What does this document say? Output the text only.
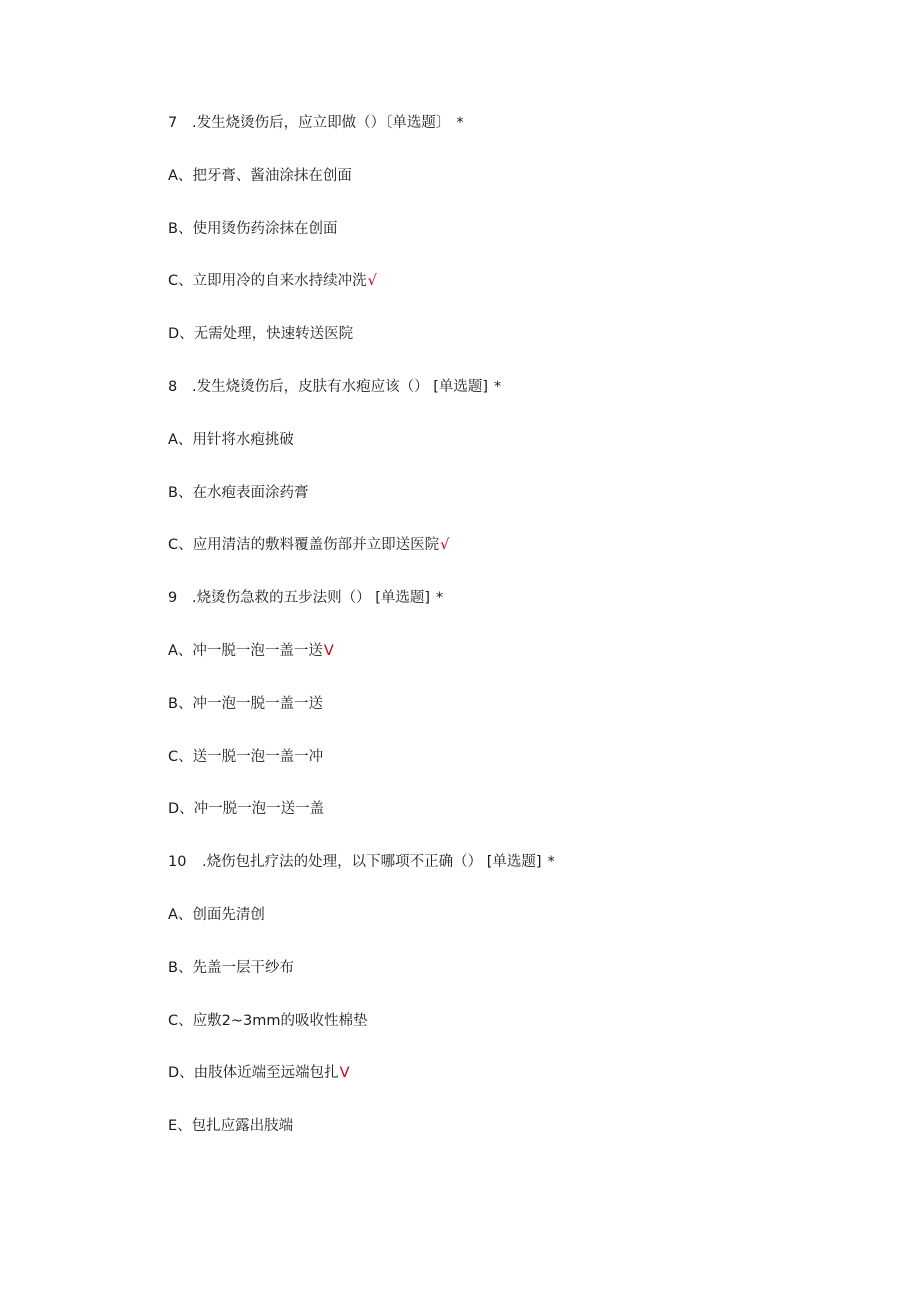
7 .发生烧烫伤后，应立即做（）〔单选题〕 *
A、把牙膏、酱油涂抹在创面
B、使用烫伤药涂抹在创面
C、立即用冷的自来水持续冲洗√
D、无需处理，快速转送医院
8 .发生烧烫伤后，皮肤有水疱应该（） [单选题] *
A、用针将水疱挑破
B、在水疱表面涂药膏
C、应用清洁的敷料覆盖伤部并立即送医院√
9 .烧烫伤急救的五步法则（） [单选题] *
A、冲一脱一泡一盖一送V
B、冲一泡一脱一盖一送
C、送一脱一泡一盖一冲
D、冲一脱一泡一送一盖
10 .烧伤包扎疗法的处理，以下哪项不正确（） [单选题] *
A、创面先清创
B、先盖一层干纱布
C、应敷2~3mm的吸收性棉垫
D、由肢体近端至远端包扎V
E、包扎应露出肢端
